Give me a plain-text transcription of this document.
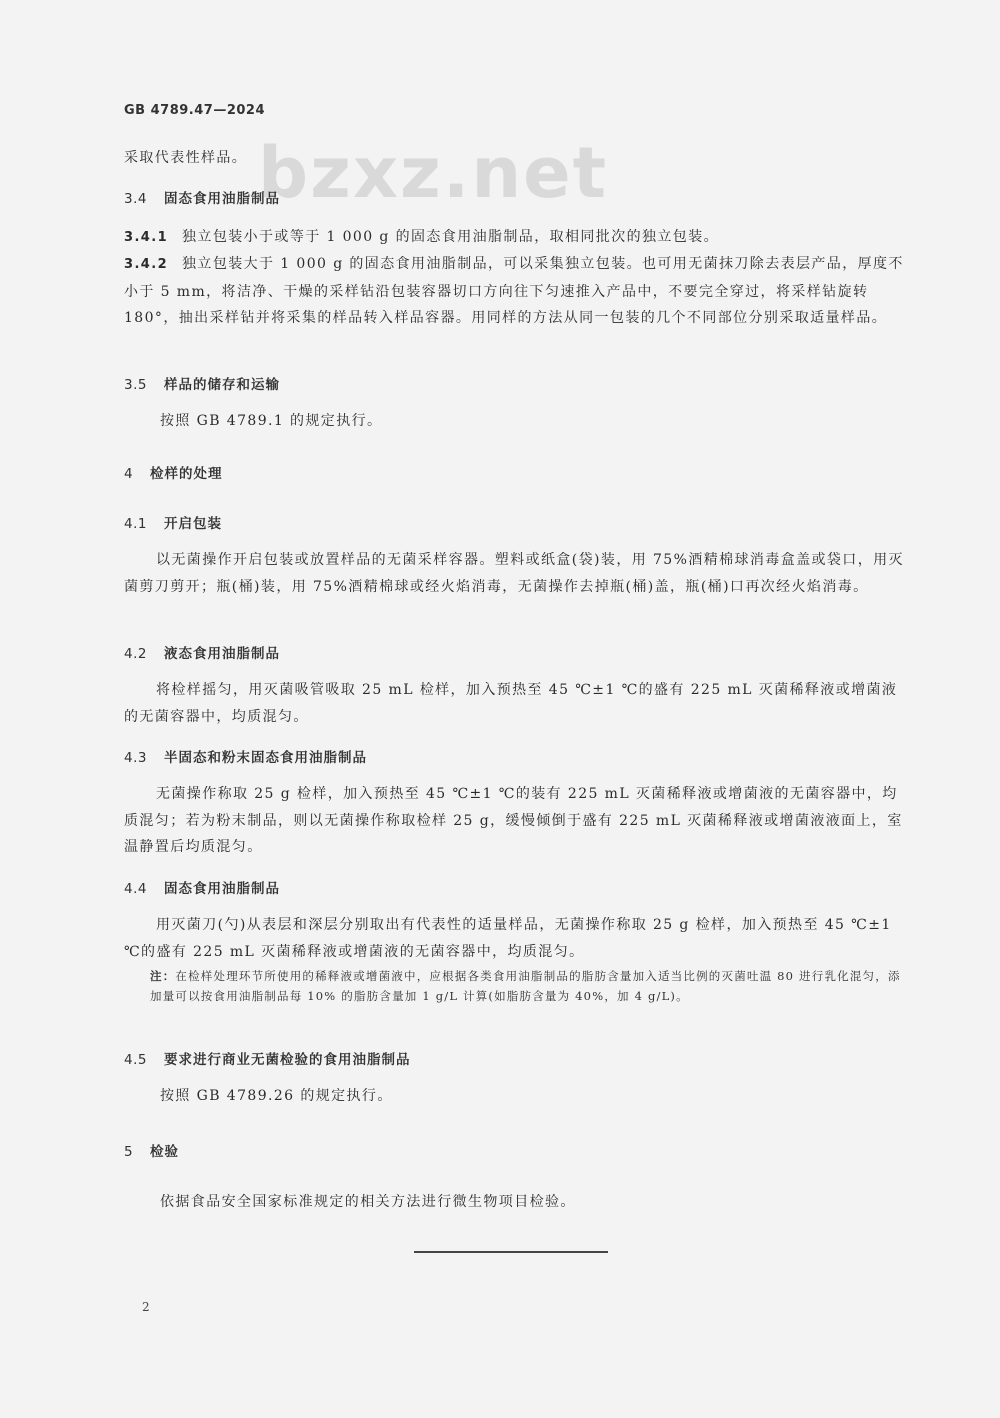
GB 4789.47—2024
bzxz.net

采取代表性样品。

3.4 固态食用油脂制品

3.4.1 独立包装小于或等于 1 000 g 的固态食用油脂制品，取相同批次的独立包装。

3.4.2 独立包装大于 1 000 g 的固态食用油脂制品，可以采集独立包装。也可用无菌抹刀除去表层产品，厚度不小于 5 mm，将洁净、干燥的采样钻沿包装容器切口方向往下匀速推入产品中，不要完全穿过，将采样钻旋转 180°，抽出采样钻并将采集的样品转入样品容器。用同样的方法从同一包装的几个不同部位分别采取适量样品。

3.5 样品的储存和运输

按照 GB 4789.1 的规定执行。

4 检样的处理
4.1 开启包装

以无菌操作开启包装或放置样品的无菌采样容器。塑料或纸盒(袋)装，用 75%酒精棉球消毒盒盖或袋口，用灭菌剪刀剪开；瓶(桶)装，用 75%酒精棉球或经火焰消毒，无菌操作去掉瓶(桶)盖，瓶(桶)口再次经火焰消毒。

4.2 液态食用油脂制品

将检样摇匀，用灭菌吸管吸取 25 mL 检样，加入预热至 45 ℃±1 ℃的盛有 225 mL 灭菌稀释液或增菌液的无菌容器中，均质混匀。

4.3 半固态和粉末固态食用油脂制品

无菌操作称取 25 g 检样，加入预热至 45 ℃±1 ℃的装有 225 mL 灭菌稀释液或增菌液的无菌容器中，均质混匀；若为粉末制品，则以无菌操作称取检样 25 g，缓慢倾倒于盛有 225 mL 灭菌稀释液或增菌液液面上，室温静置后均质混匀。

4.4 固态食用油脂制品

用灭菌刀(勺)从表层和深层分别取出有代表性的适量样品，无菌操作称取 25 g 检样，加入预热至 45 ℃±1 ℃的盛有 225 mL 灭菌稀释液或增菌液的无菌容器中，均质混匀。

注：在检样处理环节所使用的稀释液或增菌液中，应根据各类食用油脂制品的脂肪含量加入适当比例的灭菌吐温 80 进行乳化混匀，添加量可以按食用油脂制品每 10% 的脂肪含量加 1 g/L 计算(如脂肪含量为 40%，加 4 g/L)。

4.5 要求进行商业无菌检验的食用油脂制品

按照 GB 4789.26 的规定执行。

5 检验

依据食品安全国家标准规定的相关方法进行微生物项目检验。

2
